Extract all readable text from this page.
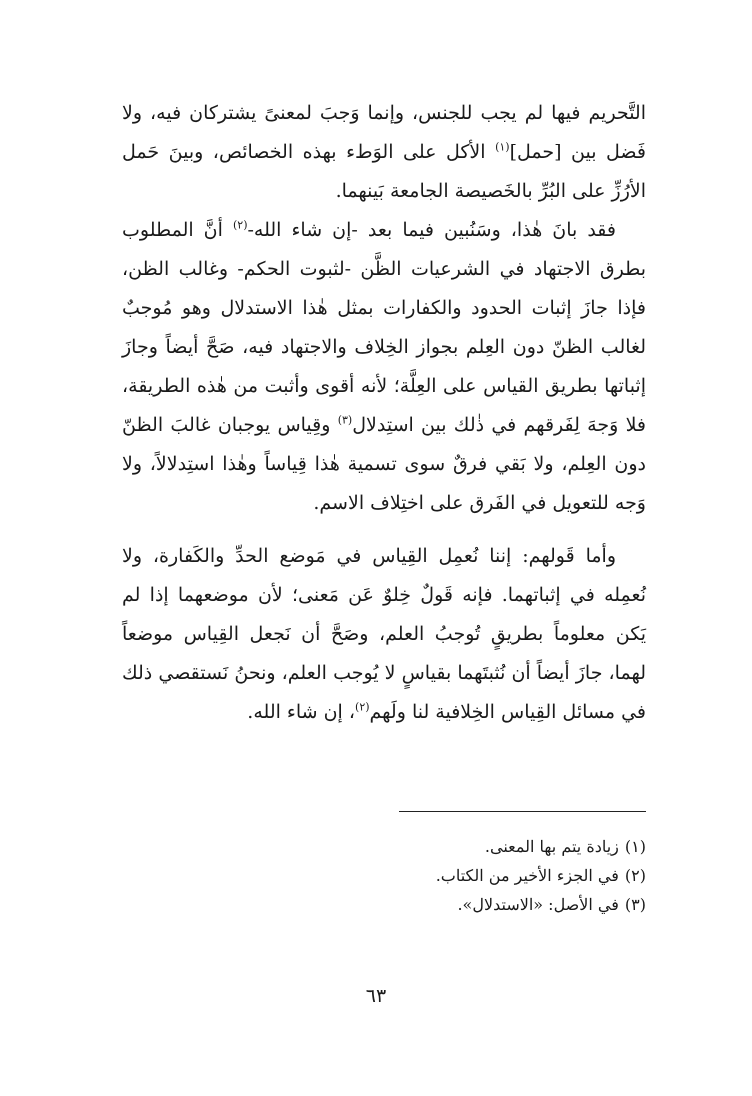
التَّحريم فيها لم يجب للجنس، وإنما وَجبَ لمعنىً يشتركان فيه، ولا فَضل بين [حمل]$^{(١)}$ الأكل على الوَطء بهذه الخصائص، وبينَ حَمل الأرُزِّ على البُرِّ بالخَصيصة الجامعة بَينهما.

فقد بانَ هٰذا، وسَنُبين فيما بعد -إن شاء الله-$^{(٢)}$ أنَّ المطلوب بطرق الاجتهاد في الشرعيات الظَّن -لثبوت الحكم- وغالب الظن، فإذا جازَ إثبات الحدود والكفارات بمثل هٰذا الاستدلال وهو مُوجبٌ لغالب الظنّ دون العِلم بجواز الخِلاف والاجتهاد فيه، صَحَّ أيضاً وجازَ إثباتها بطريق القياس على العِلَّة؛ لأنه أقوى وأثبت من هٰذه الطريقة، فلا وَجهَ لِفَرقهم في ذٰلك بين استِدلال$^{(٣)}$ وقِياس يوجبان غالبَ الظنّ دون العِلم، ولا بَقي فرقٌ سوى تسمية هٰذا قِياساً وهٰذا استِدلالاً، ولا وَجه للتعويل في الفَرق على اختِلاف الاسم.

وأما قَولهم: إننا نُعمِل القِياس في مَوضع الحدِّ والكَفارة، ولا نُعمِله في إثباتهما. فإنه قَولٌ خِلوٌ عَن مَعنى؛ لأن موضعهما إذا لم يَكن معلوماً بطريقٍ تُوجبُ العلم، وصَحَّ أن نَجعل القِياس موضعاً لهما، جازَ أيضاً أن نُثبتَهما بقياسٍ لا يُوجب العلم، ونحنُ نَستقصي ذلك في مسائل القِياس الخِلافية لنا ولَهم$^{(٢)}$، إن شاء الله.

(١)زيادة يتم بها المعنى.

(٢)في الجزء الأخير من الكتاب.

(٣)في الأصل: «الاستدلال».

٦٣
